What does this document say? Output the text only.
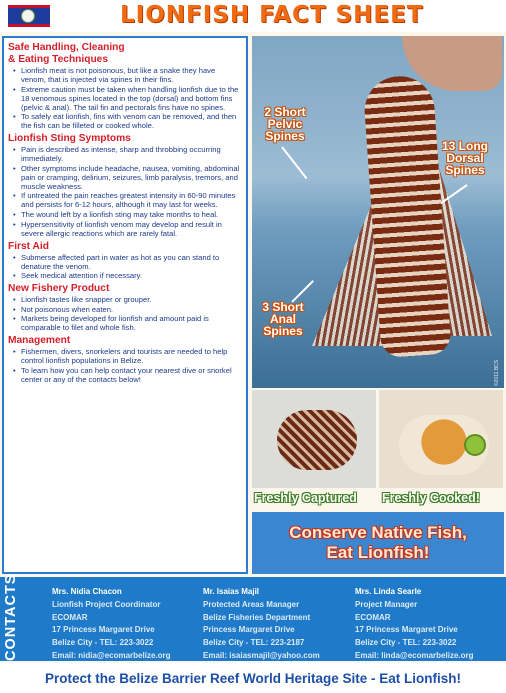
LIONFISH FACT SHEET
Safe Handling, Cleaning
& Eating Techniques
• Lionfish meat is not poisonous, but like a snake they have venom, that is injected via spines in their fins.
• Extreme caution must be taken when handling lionfish due to the 18 venomous spines located in the top (dorsal) and bottom fins (pelvic & anal). The tail fin and pectorals fins have no spines.
• To safely eat lionfish, fins with venom can be removed, and then the fish can be filleted or cooked whole.
Lionfish Sting Symptoms
• Pain is described as intense, sharp and throbbing occurring immediately.
• Other symptoms include headache, nausea, vomiting, abdominal pain or cramping, delirium, seizures, limb paralysis, tremors, and muscle weakness.
• If untreated the pain reaches greatest intensity in 60-90 minutes and persists for 6-12 hours, although it may last for weeks.
• The wound left by a lionfish sting may take months to heal.
• Hypersensitivity of lionfish venom may develop and result in severe allergic reactions which are rarely fatal.
First Aid
• Submerse affected part in water as hot as you can stand to denature the venom.
• Seek medical attention if necessary.
New Fishery Product
• Lionfish tastes like snapper or grouper.
• Not poisonous when eaten.
• Markets being developed for lionfish and amount paid is comparable to filet and whole fish.
Management
• Fishermen, divers, snorkelers and tourists are needed to help control lionfish populations in Belize.
• To learn how you can help contact your nearest dive or snorkel center or any of the contacts below!
2 Short
Pelvic
Spines
13 Long
Dorsal
Spines
3 Short
Anal
Spines
©2011 BCS
Freshly Captured Freshly Cooked!
Conserve Native Fish,
Eat Lionfish!
CONTACTS	Mrs. Nidia Chacon
Lionfish Project Coordinator
ECOMAR
17 Princess Margaret Drive
Belize City - TEL: 223-3022
Email: nidia@ecomarbelize.org
Mr. Isaias Majil
Protected Areas Manager
Belize Fisheries Department
Princess Margaret Drive
Belize City - TEL: 223-2187
Email: isaiasmajil@yahoo.com
Mrs. Linda Searle
Project Manager
ECOMAR
17 Princess Margaret Drive
Belize City - TEL: 223-3022
Email: linda@ecomarbelize.org
Protect the Belize Barrier Reef World Heritage Site - Eat Lionfish!
